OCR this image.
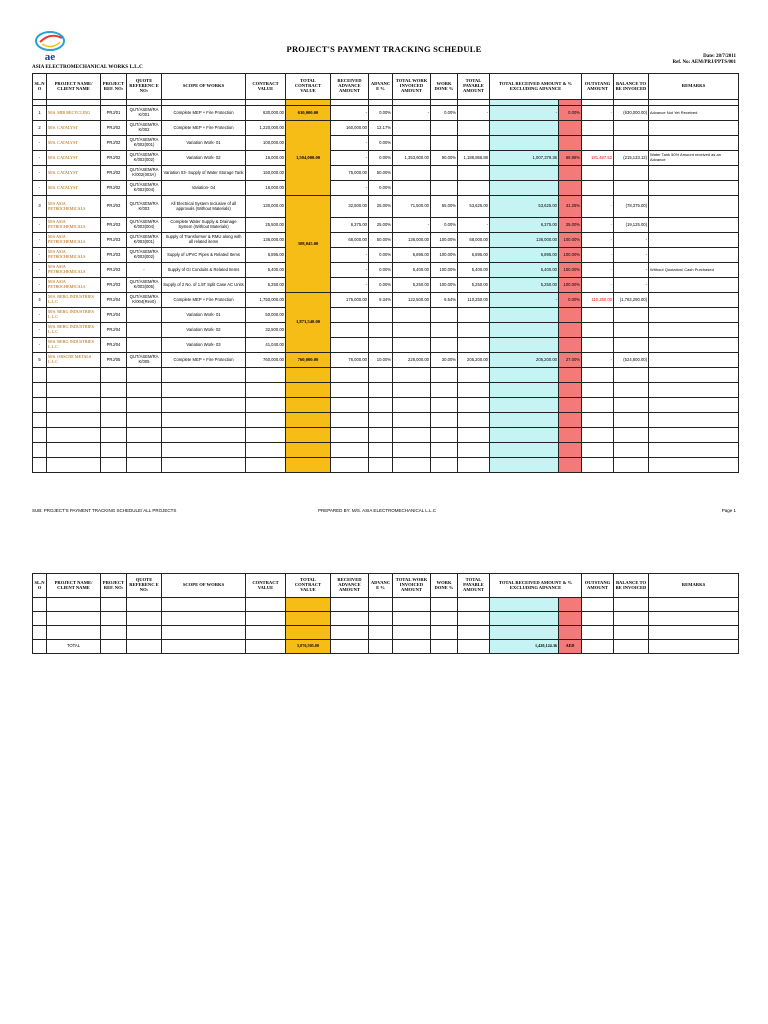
ae
PROJECT'S PAYMENT TRACKING SCHEDULE
Date: 28/7/2011
Ref. No: AEM/PRJ/PPTS/001
ASIA ELECTROMECHANICAL WORKS L.L.C
SL.N O	PROJECT NAME/ CLIENT NAME	PROJECT REF. NO:	QUOTE REFERENC E NO:	SCOPE OF WORKS	CONTRACT VALUE	TOTAL CONTRACT VALUE	RECEIVED ADVANCE AMOUNT	ADVANC E %	TOTAL WORK INVOICED AMOUNT	WORK DONE %	TOTAL PAYABLE AMOUNT	TOTAL RECEIVED AMOUNT & % EXCLUDING ADVANCE		OUTSTANG AMOUNT	BALANCE TO BE INVOICED	REMARKS

1	M/S. MIR RECYCLING	PRJ/01	QUT/ASEM/RA K/001	Complete MEP + Fire Protection	630,000.00	630,000.00	-	0.00%	-	0.00%	-	-	0.00%	-	(630,000.00)	Advance Not Yet Received
2	M/S. CATALYST	PRJ/02	QUT/ASEM/RA K/002	Complete MEP + Fire Protection	1,220,000.00	1,504,000.00	160,000.00	12.17%								
-	M/S. CATALYST	PRJ/02	QUT/ASEM/RA K/002(001)	Variation Work- 01	100,000.00		-	0.00%								
-	M/S. CATALYST	PRJ/02	QUT/ASEM/RA K/002(002)	Variation Work- 02	16,000.00		-	0.00%	1,353,600.00	90.00%	1,188,866.88	1,007,379.36	66.98%	181,487.52	(215,133.12)	Water Tank 50% Amount received as an Advance
-	M/S. CATALYST	PRJ/02	QUT/ASEM/RA K/002(003A)	Variation 03- Supply of Water Storage Tank	150,000.00		75,000.00	50.00%								
-	M/S. CATALYST	PRJ/02	QUT/ASEM/RA K/002(004)	Variation- 04	18,000.00		-	0.00%								
3	M/S ASIA PETROCHEMICALS	PRJ/03	QUT/ASEM/RA K/003	All Electrical System Inclusive of all approvals (Without Materials)	130,000.00	308,045.00	32,500.00	25.00%	71,500.00	55.00%	53,625.00	53,625.00	41.25%	-	(78,375.00)	
-	M/S ASIA PETROCHEMICALS	PRJ/03	QUT/ASEM/RA K/003(004)	Complete Water Supply & Drainage System (Without Materials)	25,500.00		6,375.00	25.00%	-	0.00%	-	6,375.00	25.00%	-	(19,125.00)	
-	M/S ASIA PETROCHEMICALS	PRJ/03	QUT/ASEM/RA K/003(001)	Supply of Transformer & RMU along with all related items	136,000.00		68,000.00	50.00%	136,000.00	100.00%	68,000.00	136,000.00	100.00%	-	-	
-	M/S ASIA PETROCHEMICALS	PRJ/03	QUT/ASEM/RA K/003(002)	Supply of UPVC Pipes & Related Items	6,895.00		-	0.00%	6,895.00	100.00%	6,895.00	6,895.00	100.00%	-	-	
-	M/S ASIA PETROCHEMICALS	PRJ/03	-	Supply of GI Conduits & Related Items	5,400.00		-	0.00%	5,400.00	100.00%	5,400.00	5,400.00	100.00%	-	-	Without Quotation/ Cash Purchased
-	M/S ASIA PETROCHEMICALS	PRJ/03	QUT/ASEM/RA K/003(005)	Supply of 2 No. of 1.5T Split Case AC Units	5,250.00		-	0.00%	5,250.00	100.00%	5,250.00	5,250.00	100.00%	-	-	
4	M/S. BERG INDUSTRIES L.L.C	PRJ/04	QUT/ASEM/RA K/004(Rev0)	Complete MEP + Fire Protection	1,750,000.00	1,873,540.00	175,000.00	9.34%	122,500.00	6.54%	110,250.00	-	0.00%	110,250.00	(1,763,290.00)	
-	M/S. BERG INDUSTRIES L.L.C	PRJ/04		Variation Work- 01	50,000.00											
-	M/S. BERG INDUSTRIES L.L.C	PRJ/04		Variation Work- 02	32,500.00											
-	M/S. BERG INDUSTRIES L.L.C	PRJ/04		Variation Work- 03	41,040.00											
5	M/S. ORSCNE METALS L.L.C	PRJ/05	QUT/ASEM/RA K/005	Complete MEP + Fire Protection	760,000.00	760,000.00	76,000.00	10.00%	228,000.00	30.00%	205,200.00	205,200.00	27.00%	-	(524,800.00)	

SUB: PROJECT'S PAYMENT TRACKING SCHEDULE/ ALL PROJECTS	PREPARED BY: M/S. ASIA ELECTROMECHANICAL L.L.C	Page 1
SL.N O	PROJECT NAME/ CLIENT NAME	PROJECT REF. NO:	QUOTE REFERENC E NO:	SCOPE OF WORKS	CONTRACT VALUE	TOTAL CONTRACT VALUE	RECEIVED ADVANCE AMOUNT	ADVANC E %	TOTAL WORK INVOICED AMOUNT	WORK DONE %	TOTAL PAYABLE AMOUNT	TOTAL RECEIVED AMOUNT & % EXCLUDING ADVANCE		OUTSTANG AMOUNT	BALANCE TO BE INVOICED	REMARKS

	TOTAL					5,076,505.00						1,420,124.36	AED			
